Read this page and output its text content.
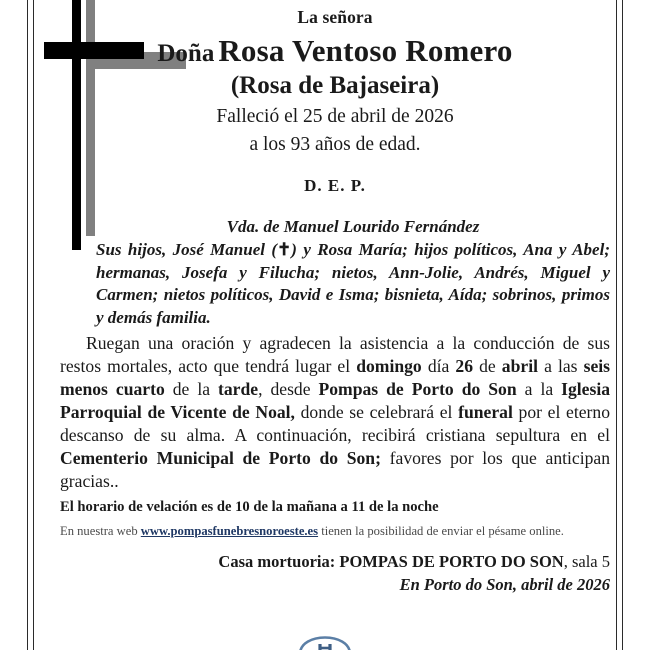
La señora
Doña Rosa Ventoso Romero
(Rosa de Bajaseira)
Falleció el 25 de abril de 2026
a los 93 años de edad.
D. E. P.
Vda. de Manuel Lourido Fernández
Sus hijos, José Manuel (✝) y Rosa María; hijos políticos, Ana y Abel; hermanas, Josefa y Filucha; nietos, Ann-Jolie, Andrés, Miguel y Carmen; nietos políticos, David e Isma; bisnieta, Aída; sobrinos, primos y demás familia.

Ruegan una oración y agradecen la asistencia a la conducción de sus restos mortales, acto que tendrá lugar el domingo día 26 de abril a las seis menos cuarto de la tarde, desde Pompas de Porto do Son a la Iglesia Parroquial de Vicente de Noal, donde se celebrará el funeral por el eterno descanso de su alma. A continuación, recibirá cristiana sepultura en el Cementerio Municipal de Porto do Son; favores por los que anticipan gracias..

El horario de velación es de 10 de la mañana a 11 de la noche
En nuestra web www.pompasfunebresnoroeste.es tienen la posibilidad de enviar el pésame online.
Casa mortuoria: POMPAS DE PORTO DO SON, sala 5
En Porto do Son, abril de 2026
